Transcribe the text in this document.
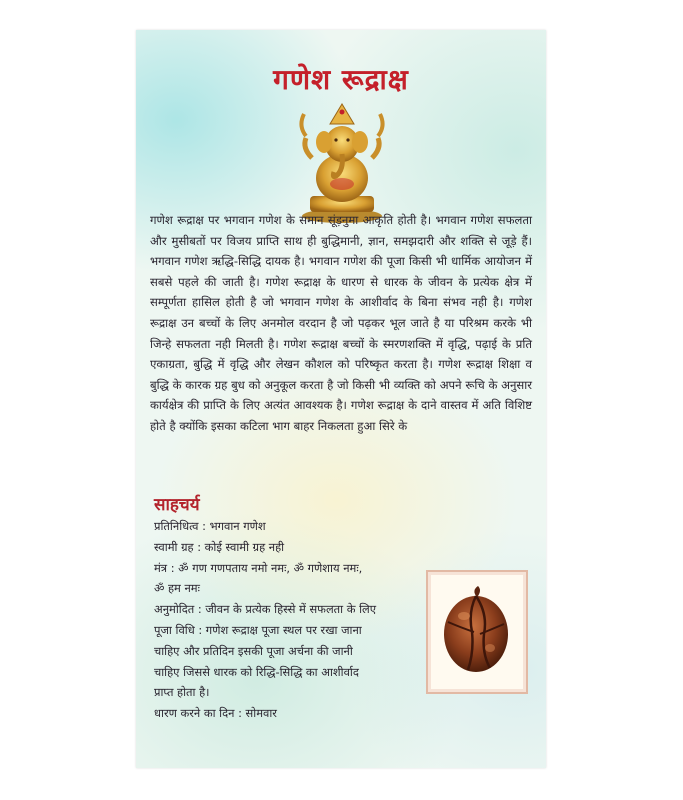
गणेश रूद्राक्ष
गणेश रूद्राक्ष पर भगवान गणेश के समान सूंड़नुमा आकृति होती है। भगवान गणेश सफलता और मुसीबतों पर विजय प्राप्ति साथ ही बुद्धिमानी, ज्ञान, समझदारी और शक्ति से जूड़े हैं। भगवान गणेश ऋद्धि-सिद्धि दायक है। भगवान गणेश की पूजा किसी भी धार्मिक आयोजन में सबसे पहले की जाती है। गणेश रूद्राक्ष के धारण से धारक के जीवन के प्रत्येक क्षेत्र में सम्पूर्णता हासिल होती है जो भगवान गणेश के आशीर्वाद के बिना संभव नही है। गणेश रूद्राक्ष उन बच्चों के लिए अनमोल वरदान है जो पढ़कर भूल जाते है या परिश्रम करके भी जिन्हे सफलता नही मिलती है। गणेश रूद्राक्ष बच्चों के स्मरणशक्ति में वृद्धि, पढ़ाई के प्रति एकाग्रता, बुद्धि में वृद्धि और लेखन कौशल को परिष्कृत करता है। गणेश रूद्राक्ष शिक्षा व बुद्धि के कारक ग्रह बुध को अनुकूल करता है जो किसी भी व्यक्ति को अपने रूचि के अनुसार कार्यक्षेत्र की प्राप्ति के लिए अत्यंत आवश्यक है। गणेश रूद्राक्ष के दाने वास्तव में अति विशिष्ट होते है क्योंकि इसका कटिला भाग बाहर निकलता हुआ सिरे के
साहचर्य
प्रतिनिधित्व : भगवान गणेश
स्वामी ग्रह : कोई स्वामी ग्रह नही
मंत्र : ॐ गण गणपताय नमो नमः, ॐ गणेशाय नमः,
ॐ हम नमः
अनुमोदित : जीवन के प्रत्येक हिस्से में सफलता के लिए
पूजा विधि : गणेश रूद्राक्ष पूजा स्थल पर रखा जाना
चाहिए और प्रतिदिन इसकी पूजा अर्चना की जानी
चाहिए जिससे धारक को रिद्धि-सिद्धि का आशीर्वाद
प्राप्त होता है।
धारण करने का दिन : सोमवार
